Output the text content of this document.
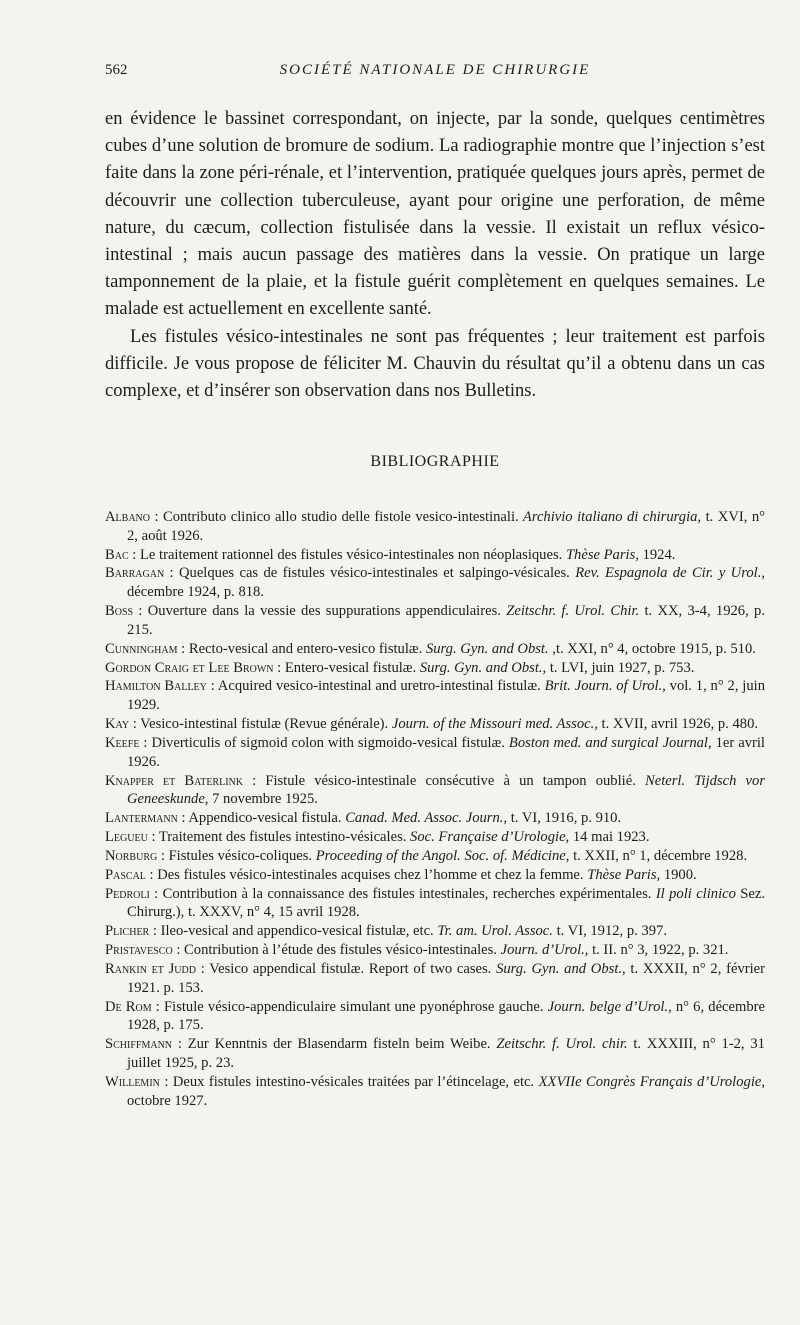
562	SOCIÉTÉ NATIONALE DE CHIRURGIE

en évidence le bassinet correspondant, on injecte, par la sonde, quelques centimètres cubes d’une solution de bromure de sodium. La radiographie montre que l’injection s’est faite dans la zone péri-rénale, et l’intervention, pratiquée quelques jours après, permet de découvrir une collection tuberculeuse, ayant pour origine une perforation, de même nature, du cæcum, collection fistulisée dans la vessie. Il existait un reflux vésico-intestinal ; mais aucun passage des matières dans la vessie. On pratique un large tamponnement de la plaie, et la fistule guérit complètement en quelques semaines. Le malade est actuellement en excellente santé.

Les fistules vésico-intestinales ne sont pas fréquentes ; leur traitement est parfois difficile. Je vous propose de féliciter M. Chauvin du résultat qu’il a obtenu dans un cas complexe, et d’insérer son observation dans nos Bulletins.

BIBLIOGRAPHIE

Albano : Contributo clinico allo studio delle fistole vesico-intestinali. Archivio italiano di chirurgia, t. XVI, n° 2, août 1926.

Bac : Le traitement rationnel des fistules vésico-intestinales non néoplasiques. Thèse Paris, 1924.

Barragan : Quelques cas de fistules vésico-intestinales et salpingo-vésicales. Rev. Espagnola de Cir. y Urol., décembre 1924, p. 818.

Boss : Ouverture dans la vessie des suppurations appendiculaires. Zeitschr. f. Urol. Chir. t. XX, 3-4, 1926, p. 215.

Cunningham : Recto-vesical and entero-vesico fistulæ. Surg. Gyn. and Obst. ,t. XXI, n° 4, octobre 1915, p. 510.

Gordon Craig et Lee Brown : Entero-vesical fistulæ. Surg. Gyn. and Obst., t. LVI, juin 1927, p. 753.

Hamilton Balley : Acquired vesico-intestinal and uretro-intestinal fistulæ. Brit. Journ. of Urol., vol. 1, n° 2, juin 1929.

Kay : Vesico-intestinal fistulæ (Revue générale). Journ. of the Missouri med. Assoc., t. XVII, avril 1926, p. 480.

Keefe : Diverticulis of sigmoid colon with sigmoido-vesical fistulæ. Boston med. and surgical Journal, 1er avril 1926.

Knapper et Baterlink : Fistule vésico-intestinale consécutive à un tampon oublié. Neterl. Tijdsch vor Geneeskunde, 7 novembre 1925.

Lantermann : Appendico-vesical fistula. Canad. Med. Assoc. Journ., t. VI, 1916, p. 910.

Legueu : Traitement des fistules intestino-vésicales. Soc. Française d’Urologie, 14 mai 1923.

Norburg : Fistules vésico-coliques. Proceeding of the Angol. Soc. of. Médicine, t. XXII, n° 1, décembre 1928.

Pascal : Des fistules vésico-intestinales acquises chez l’homme et chez la femme. Thèse Paris, 1900.

Pedroli : Contribution à la connaissance des fistules intestinales, recherches expérimentales. Il poli clinico Sez. Chirurg.), t. XXXV, n° 4, 15 avril 1928.

Plicher : Ileo-vesical and appendico-vesical fistulæ, etc. Tr. am. Urol. Assoc. t. VI, 1912, p. 397.

Pristavesco : Contribution à l’étude des fistules vésico-intestinales. Journ. d’Urol., t. II. n° 3, 1922, p. 321.

Rankin et Judd : Vesico appendical fistulæ. Report of two cases. Surg. Gyn. and Obst., t. XXXII, n° 2, février 1921. p. 153.

De Rom : Fistule vésico-appendiculaire simulant une pyonéphrose gauche. Journ. belge d’Urol., n° 6, décembre 1928, p. 175.

Schiffmann : Zur Kenntnis der Blasendarm fisteln beim Weibe. Zeitschr. f. Urol. chir. t. XXXIII, n° 1-2, 31 juillet 1925, p. 23.

Willemin : Deux fistules intestino-vésicales traitées par l’étincelage, etc. XXVIIe Congrès Français d’Urologie, octobre 1927.
